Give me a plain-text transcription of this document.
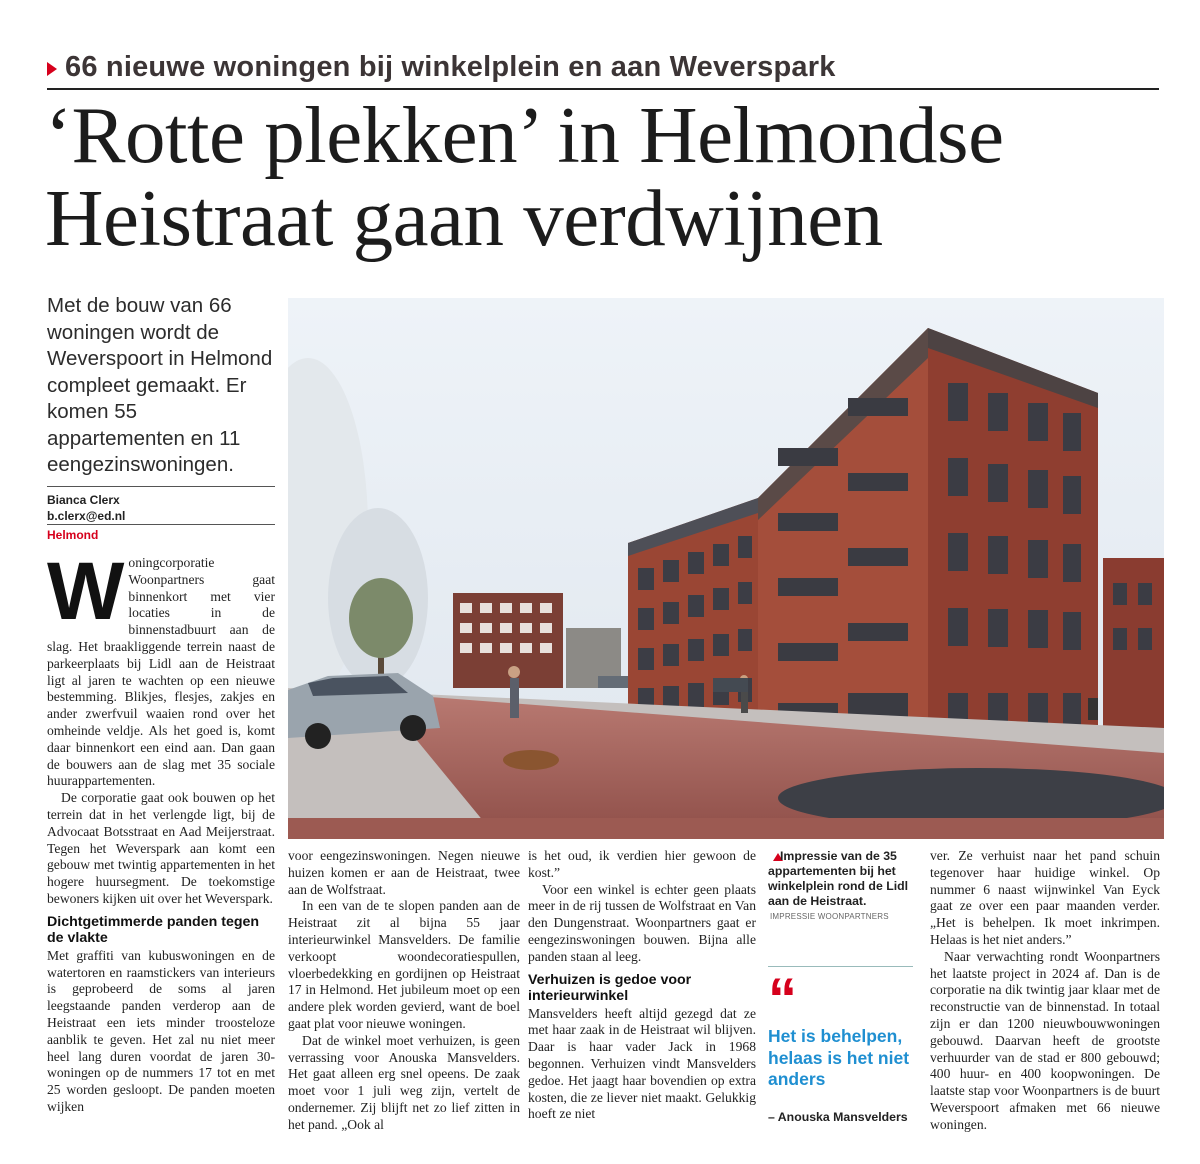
66 nieuwe woningen bij winkelplein en aan Weverspark
‘Rotte plekken’ in Helmondse
Heistraat gaan verdwijnen
Met de bouw van 66 woningen wordt de Weverspoort in Helmond compleet gemaakt. Er komen 55 appartementen en 11 eengezinswoningen.
Bianca Clerx
b.clerx@ed.nl
Helmond

Woningcorporatie Woonpartners gaat binnenkort met vier locaties in de binnenstadbuurt aan de slag. Het braakliggende terrein naast de parkeerplaats bij Lidl aan de Heistraat ligt al jaren te wachten op een nieuwe bestemming. Blikjes, flesjes, zakjes en ander zwerfvuil waaien rond over het omheinde veldje. Als het goed is, komt daar binnenkort een eind aan. Dan gaan de bouwers aan de slag met 35 sociale huurappartementen.

De corporatie gaat ook bouwen op het terrein dat in het verlengde ligt, bij de Advocaat Botsstraat en Aad Meijerstraat. Tegen het Weverspark aan komt een gebouw met twintig appartementen in het hogere huursegment. De toekomstige bewoners kijken uit over het Weverspark.

Dichtgetimmerde panden tegen de vlakte

Met graffiti van kubuswoningen en de watertoren en raamstickers van interieurs is geprobeerd de soms al jaren leegstaande panden verderop aan de Heistraat een iets minder troosteloze aanblik te geven. Het zal nu niet meer heel lang duren voordat de jaren 30-woningen op de nummers 17 tot en met 25 worden gesloopt. De panden moeten wijken

voor eengezinswoningen. Negen nieuwe huizen komen er aan de Heistraat, twee aan de Wolfstraat.

In een van de te slopen panden aan de Heistraat zit al bijna 55 jaar interieurwinkel Mansvelders. De familie verkoopt woondecoratiespullen, vloerbedekking en gordijnen op Heistraat 17 in Helmond. Het jubileum moet op een andere plek worden gevierd, want de boel gaat plat voor nieuwe woningen.

Dat de winkel moet verhuizen, is geen verrassing voor Anouska Mansvelders. Het gaat alleen erg snel opeens. De zaak moet voor 1 juli weg zijn, vertelt de ondernemer. Zij blijft net zo lief zitten in het pand. „Ook al

is het oud, ik verdien hier gewoon de kost.”

Voor een winkel is echter geen plaats meer in de rij tussen de Wolfstraat en Van den Dungenstraat. Woonpartners gaat er eengezinswoningen bouwen. Bijna alle panden staan al leeg.

Verhuizen is gedoe voor interieurwinkel

Mansvelders heeft altijd gezegd dat ze met haar zaak in de Heistraat wil blijven. Daar is haar vader Jack in 1968 begonnen. Verhuizen vindt Mansvelders gedoe. Het jaagt haar bovendien op extra kosten, die ze liever niet maakt. Gelukkig hoeft ze niet

Impressie van de 35 appartementen bij het winkelplein rond de Lidl aan de Heistraat.
IMPRESSIE WOONPARTNERS
“
Het is behelpen, helaas is het niet anders
– Anouska Mansvelders

ver. Ze verhuist naar het pand schuin tegenover haar huidige winkel. Op nummer 6 naast wijnwinkel Van Eyck gaat ze over een paar maanden verder. „Het is behelpen. Ik moet inkrimpen. Helaas is het niet anders.”

Naar verwachting rondt Woonpartners het laatste project in 2024 af. Dan is de corporatie na dik twintig jaar klaar met de reconstructie van de binnenstad. In totaal zijn er dan 1200 nieuwbouwwoningen gebouwd. Daarvan heeft de grootste verhuurder van de stad er 800 gebouwd; 400 huur- en 400 koopwoningen. De laatste stap voor Woonpartners is de buurt Weverspoort afmaken met 66 nieuwe woningen.
